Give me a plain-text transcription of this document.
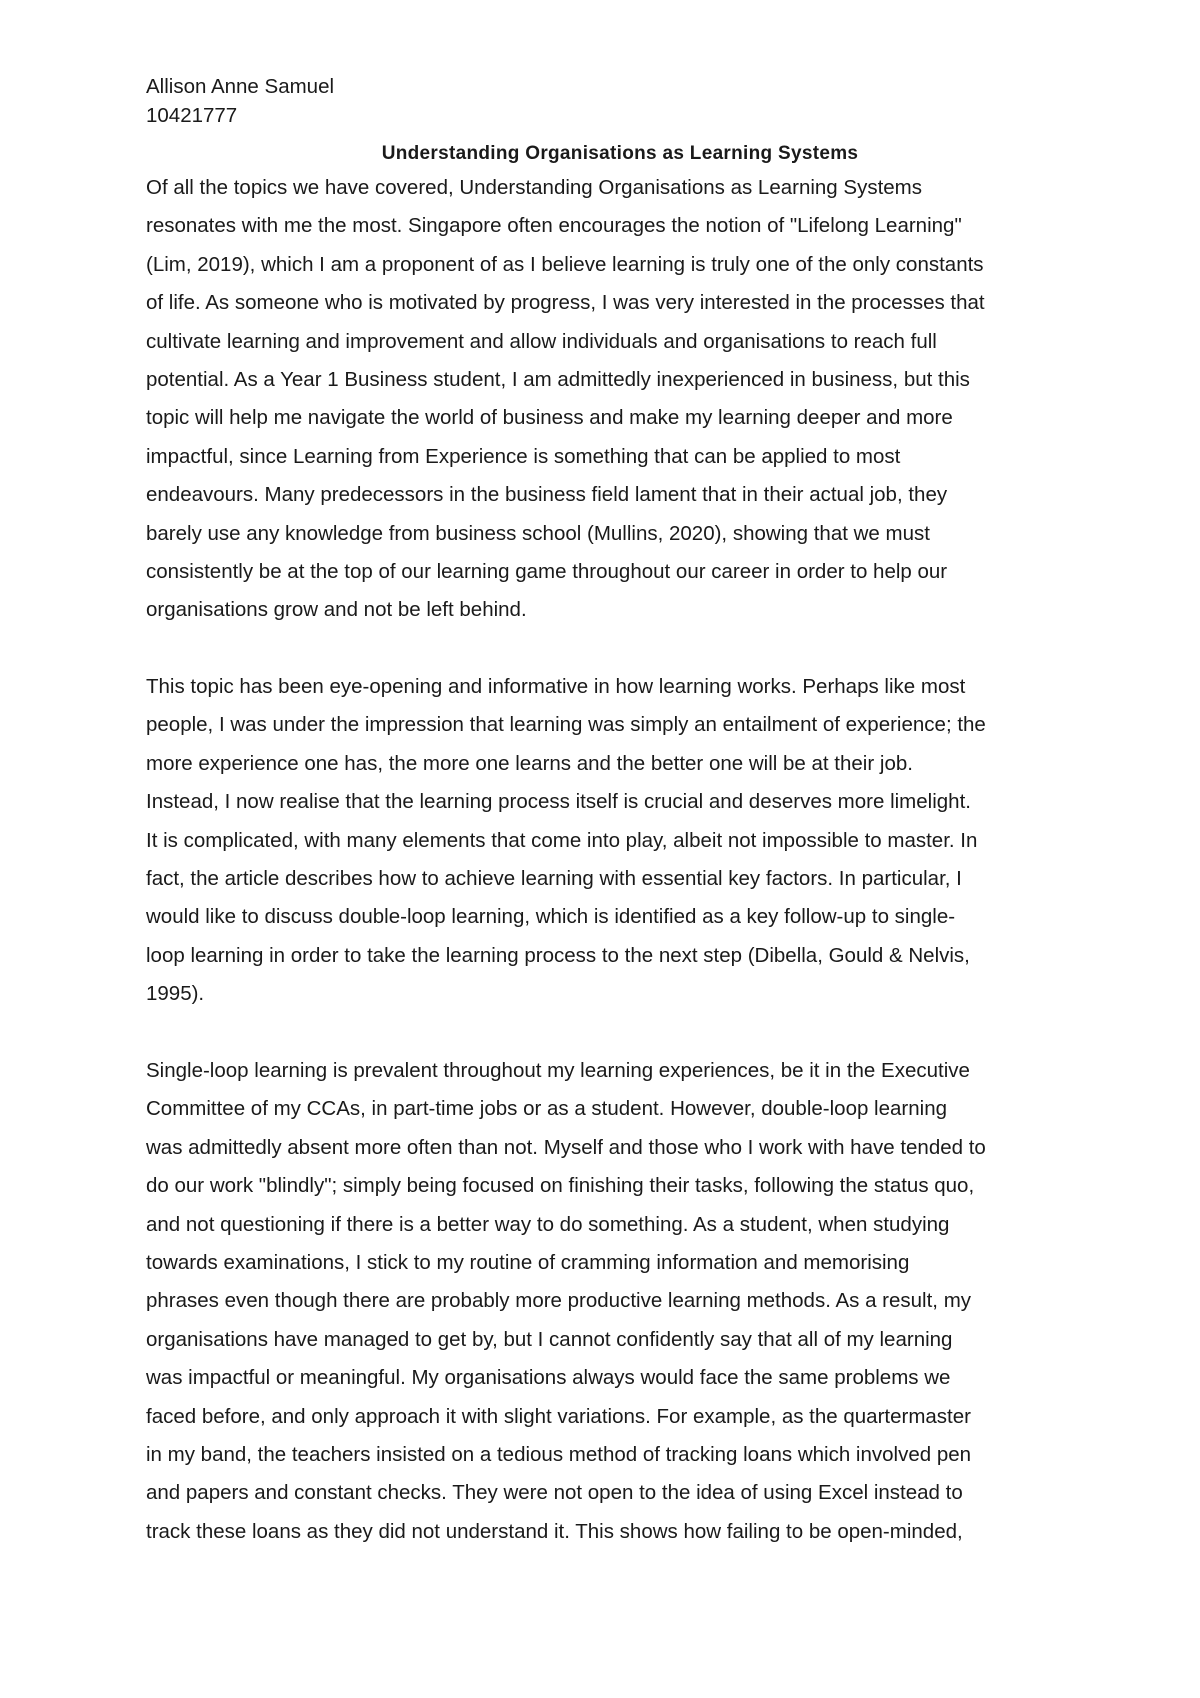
Allison Anne Samuel

10421777

Understanding Organisations as Learning Systems

Of all the topics we have covered, Understanding Organisations as Learning Systems
resonates with me the most. Singapore often encourages the notion of "Lifelong Learning"
(Lim, 2019), which I am a proponent of as I believe learning is truly one of the only constants
of life. As someone who is motivated by progress, I was very interested in the processes that
cultivate learning and improvement and allow individuals and organisations to reach full
potential. As a Year 1 Business student, I am admittedly inexperienced in business, but this
topic will help me navigate the world of business and make my learning deeper and more
impactful, since Learning from Experience is something that can be applied to most
endeavours. Many predecessors in the business field lament that in their actual job, they
barely use any knowledge from business school (Mullins, 2020), showing that we must
consistently be at the top of our learning game throughout our career in order to help our
organisations grow and not be left behind.

This topic has been eye-opening and informative in how learning works. Perhaps like most
people, I was under the impression that learning was simply an entailment of experience; the
more experience one has, the more one learns and the better one will be at their job.
Instead, I now realise that the learning process itself is crucial and deserves more limelight.
It is complicated, with many elements that come into play, albeit not impossible to master. In
fact, the article describes how to achieve learning with essential key factors. In particular, I
would like to discuss double-loop learning, which is identified as a key follow-up to single-
loop learning in order to take the learning process to the next step (Dibella, Gould & Nelvis,
1995).

Single-loop learning is prevalent throughout my learning experiences, be it in the Executive
Committee of my CCAs, in part-time jobs or as a student. However, double-loop learning
was admittedly absent more often than not. Myself and those who I work with have tended to
do our work "blindly"; simply being focused on finishing their tasks, following the status quo,
and not questioning if there is a better way to do something. As a student, when studying
towards examinations, I stick to my routine of cramming information and memorising
phrases even though there are probably more productive learning methods. As a result, my
organisations have managed to get by, but I cannot confidently say that all of my learning
was impactful or meaningful. My organisations always would face the same problems we
faced before, and only approach it with slight variations. For example, as the quartermaster
in my band, the teachers insisted on a tedious method of tracking loans which involved pen
and papers and constant checks. They were not open to the idea of using Excel instead to
track these loans as they did not understand it. This shows how failing to be open-minded,
